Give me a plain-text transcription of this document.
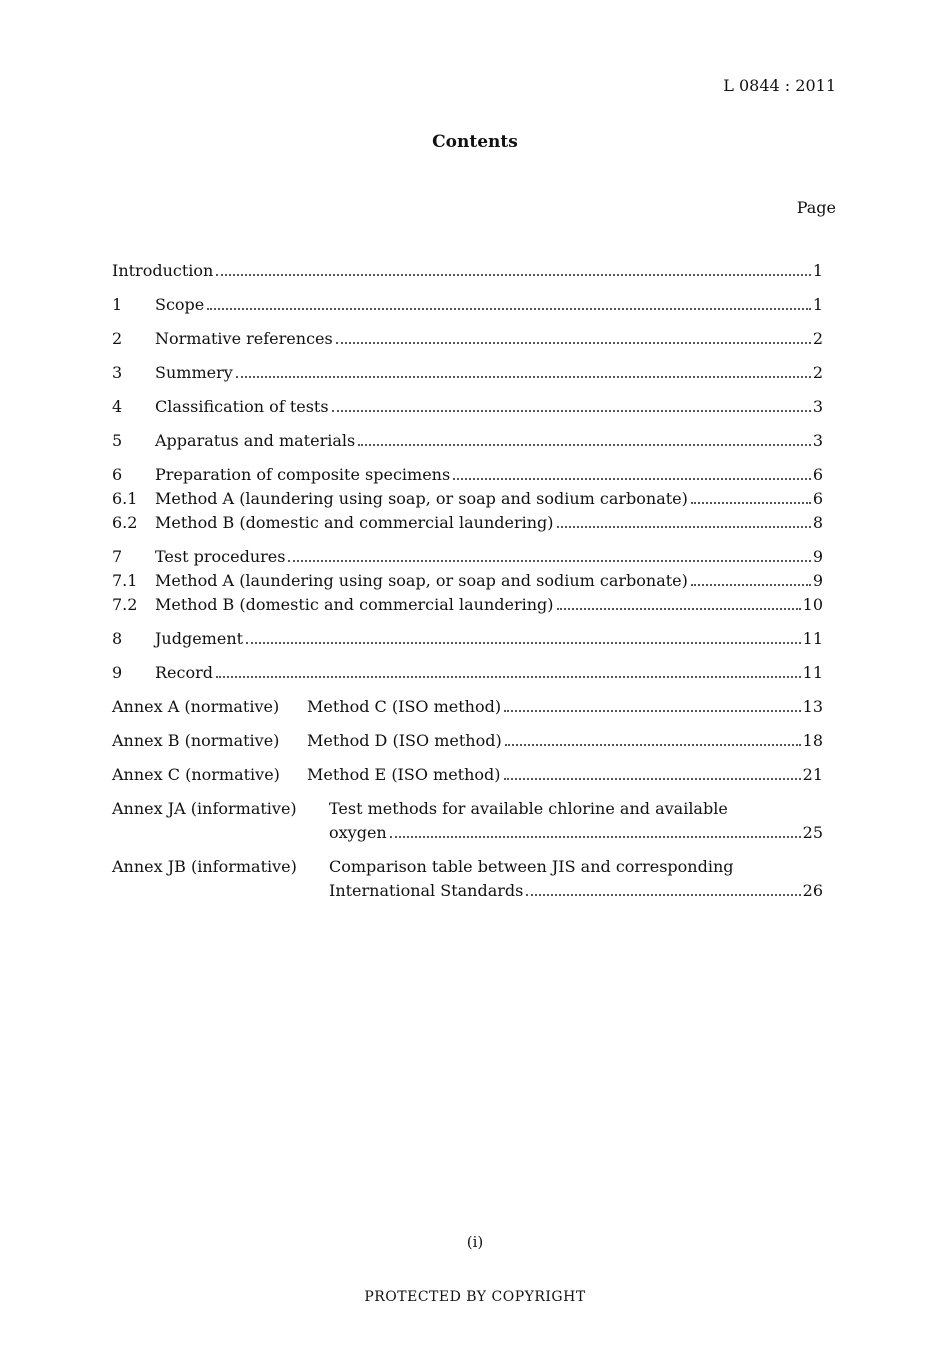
L 0844 : 2011
Contents
Page
Introduction	1
1	Scope	1
2	Normative references	2
3	Summery	2
4	Classification of tests	3
5	Apparatus and materials	3
6	Preparation of composite specimens	6
6.1	Method A (laundering using soap, or soap and sodium carbonate)	6
6.2	Method B (domestic and commercial laundering)	8
7	Test procedures	9
7.1	Method A (laundering using soap, or soap and sodium carbonate)	9
7.2	Method B (domestic and commercial laundering)	10
8	Judgement	11
9	Record	11
Annex A (normative)	Method C (ISO method)	13
Annex B (normative)	Method D (ISO method)	18
Annex C (normative)	Method E (ISO method)	21
Annex JA (informative)	Test methods for available chlorine and available
oxygen	25
Annex JB (informative)	Comparison table between JIS and corresponding
International Standards	26
(i)
PROTECTED BY COPYRIGHT
